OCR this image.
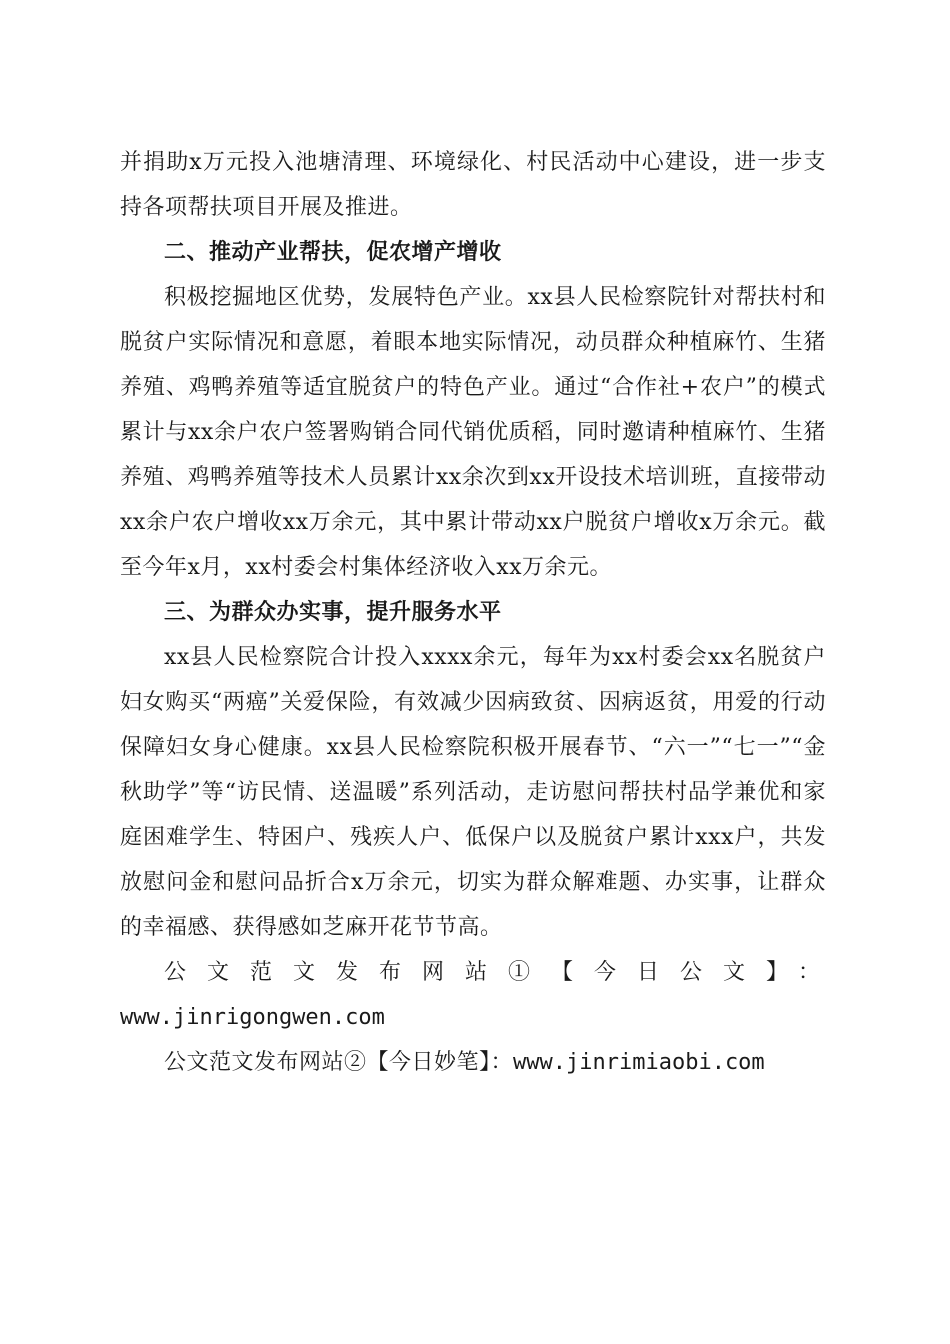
并捐助x万元投入池塘清理、环境绿化、村民活动中心建设，进一步支持各项帮扶项目开展及推进。

二、推动产业帮扶，促农增产增收

积极挖掘地区优势，发展特色产业。xx县人民检察院针对帮扶村和脱贫户实际情况和意愿，着眼本地实际情况，动员群众种植麻竹、生猪养殖、鸡鸭养殖等适宜脱贫户的特色产业。通过“合作社+农户”的模式累计与xx余户农户签署购销合同代销优质稻，同时邀请种植麻竹、生猪养殖、鸡鸭养殖等技术人员累计xx余次到xx开设技术培训班，直接带动xx余户农户增收xx万余元，其中累计带动xx户脱贫户增收x万余元。截至今年x月，xx村委会村集体经济收入xx万余元。

三、为群众办实事，提升服务水平

xx县人民检察院合计投入xxxx余元，每年为xx村委会xx名脱贫户妇女购买“两癌”关爱保险，有效减少因病致贫、因病返贫，用爱的行动保障妇女身心健康。xx县人民检察院积极开展春节、“六一”“七一”“金秋助学”等“访民情、送温暖”系列活动，走访慰问帮扶村品学兼优和家庭困难学生、特困户、残疾人户、低保户以及脱贫户累计xxx户，共发放慰问金和慰问品折合x万余元，切实为群众解难题、办实事，让群众的幸福感、获得感如芝麻开花节节高。

公文范文发布网站①【今日公文】：

www.jinrigongwen.com

公文范文发布网站②【今日妙笔】：www.jinrimiaobi.com
